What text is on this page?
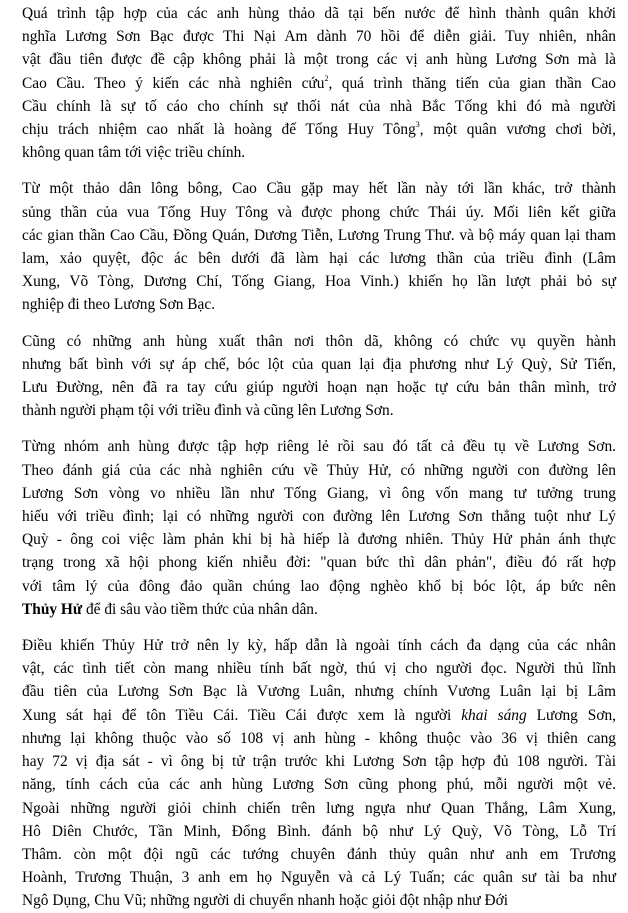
Quá trình tập hợp của các anh hùng thảo dã tại bến nước để hình thành quân khởi
nghĩa Lương Sơn Bạc được Thi Nại Am dành 70 hồi để diễn giải. Tuy nhiên, nhân
vật đầu tiên được đề cập không phải là một trong các vị anh hùng Lương Sơn mà là
Cao Cầu. Theo ý kiến các nhà nghiên cứu$^2$, quá trình thăng tiến của gian thần Cao
Cầu chính là sự tố cáo cho chính sự thối nát của nhà Bắc Tống khi đó mà người
chịu trách nhiệm cao nhất là hoàng đế Tống Huy Tông$^3$, một quân vương chơi bời,
không quan tâm tới việc triều chính.

Từ một thảo dân lông bông, Cao Cầu gặp may hết lần này tới lần khác, trở thành
sủng thần của vua Tống Huy Tông và được phong chức Thái úy. Mối liên kết giữa
các gian thần Cao Cầu, Đồng Quán, Dương Tiễn, Lương Trung Thư. và bộ máy quan lại tham
lam, xảo quyệt, độc ác bên dưới đã làm hại các lương thần của triều đình (Lâm
Xung, Võ Tòng, Dương Chí, Tống Giang, Hoa Vinh.) khiến họ lần lượt phải bỏ sự
nghiệp đi theo Lương Sơn Bạc.

Cũng có những anh hùng xuất thân nơi thôn dã, không có chức vụ quyền hành
nhưng bất bình với sự áp chế, bóc lột của quan lại địa phương như Lý Quỳ, Sử Tiến,
Lưu Đường, nên đã ra tay cứu giúp người hoạn nạn hoặc tự cứu bản thân mình, trở
thành người phạm tội với triều đình và cũng lên Lương Sơn.

Từng nhóm anh hùng được tập hợp riêng lẻ rồi sau đó tất cả đều tụ về Lương Sơn.
Theo đánh giá của các nhà nghiên cứu về Thủy Hử, có những người con đường lên
Lương Sơn vòng vo nhiều lần như Tống Giang, vì ông vốn mang tư tưởng trung
hiếu với triều đình; lại có những người con đường lên Lương Sơn thẳng tuột như Lý
Quỳ - ông coi việc làm phản khi bị hà hiếp là đương nhiên. Thủy Hử phản ánh thực
trạng trong xã hội phong kiến nhiễu đời: "quan bức thì dân phản", điều đó rất hợp
với tâm lý của đông đảo quần chúng lao động nghèo khổ bị bóc lột, áp bức nên
Thủy Hử để đi sâu vào tiềm thức của nhân dân.

Điều khiến Thủy Hử trở nên ly kỳ, hấp dẫn là ngoài tính cách đa dạng của các nhân
vật, các tình tiết còn mang nhiều tính bất ngờ, thú vị cho người đọc. Người thủ lĩnh
đầu tiên của Lương Sơn Bạc là Vương Luân, nhưng chính Vương Luân lại bị Lâm
Xung sát hại để tôn Tiều Cái. Tiều Cái được xem là người khai sáng Lương Sơn,
nhưng lại không thuộc vào số 108 vị anh hùng - không thuộc vào 36 vị thiên cang
hay 72 vị địa sát - vì ông bị tử trận trước khi Lương Sơn tập hợp đủ 108 người. Tài
năng, tính cách của các anh hùng Lương Sơn cũng phong phú, mỗi người một vẻ.
Ngoài những người giỏi chinh chiến trên lưng ngựa như Quan Thắng, Lâm Xung,
Hô Diên Chước, Tần Minh, Đổng Bình. đánh bộ như Lý Quỳ, Võ Tòng, Lỗ Trí
Thâm. còn một đội ngũ các tướng chuyên đánh thủy quân như anh em Trương
Hoành, Trương Thuận, 3 anh em họ Nguyễn và cả Lý Tuấn; các quân sư tài ba như
Ngô Dụng, Chu Vũ; những người di chuyển nhanh hoặc giỏi đột nhập như Đới
